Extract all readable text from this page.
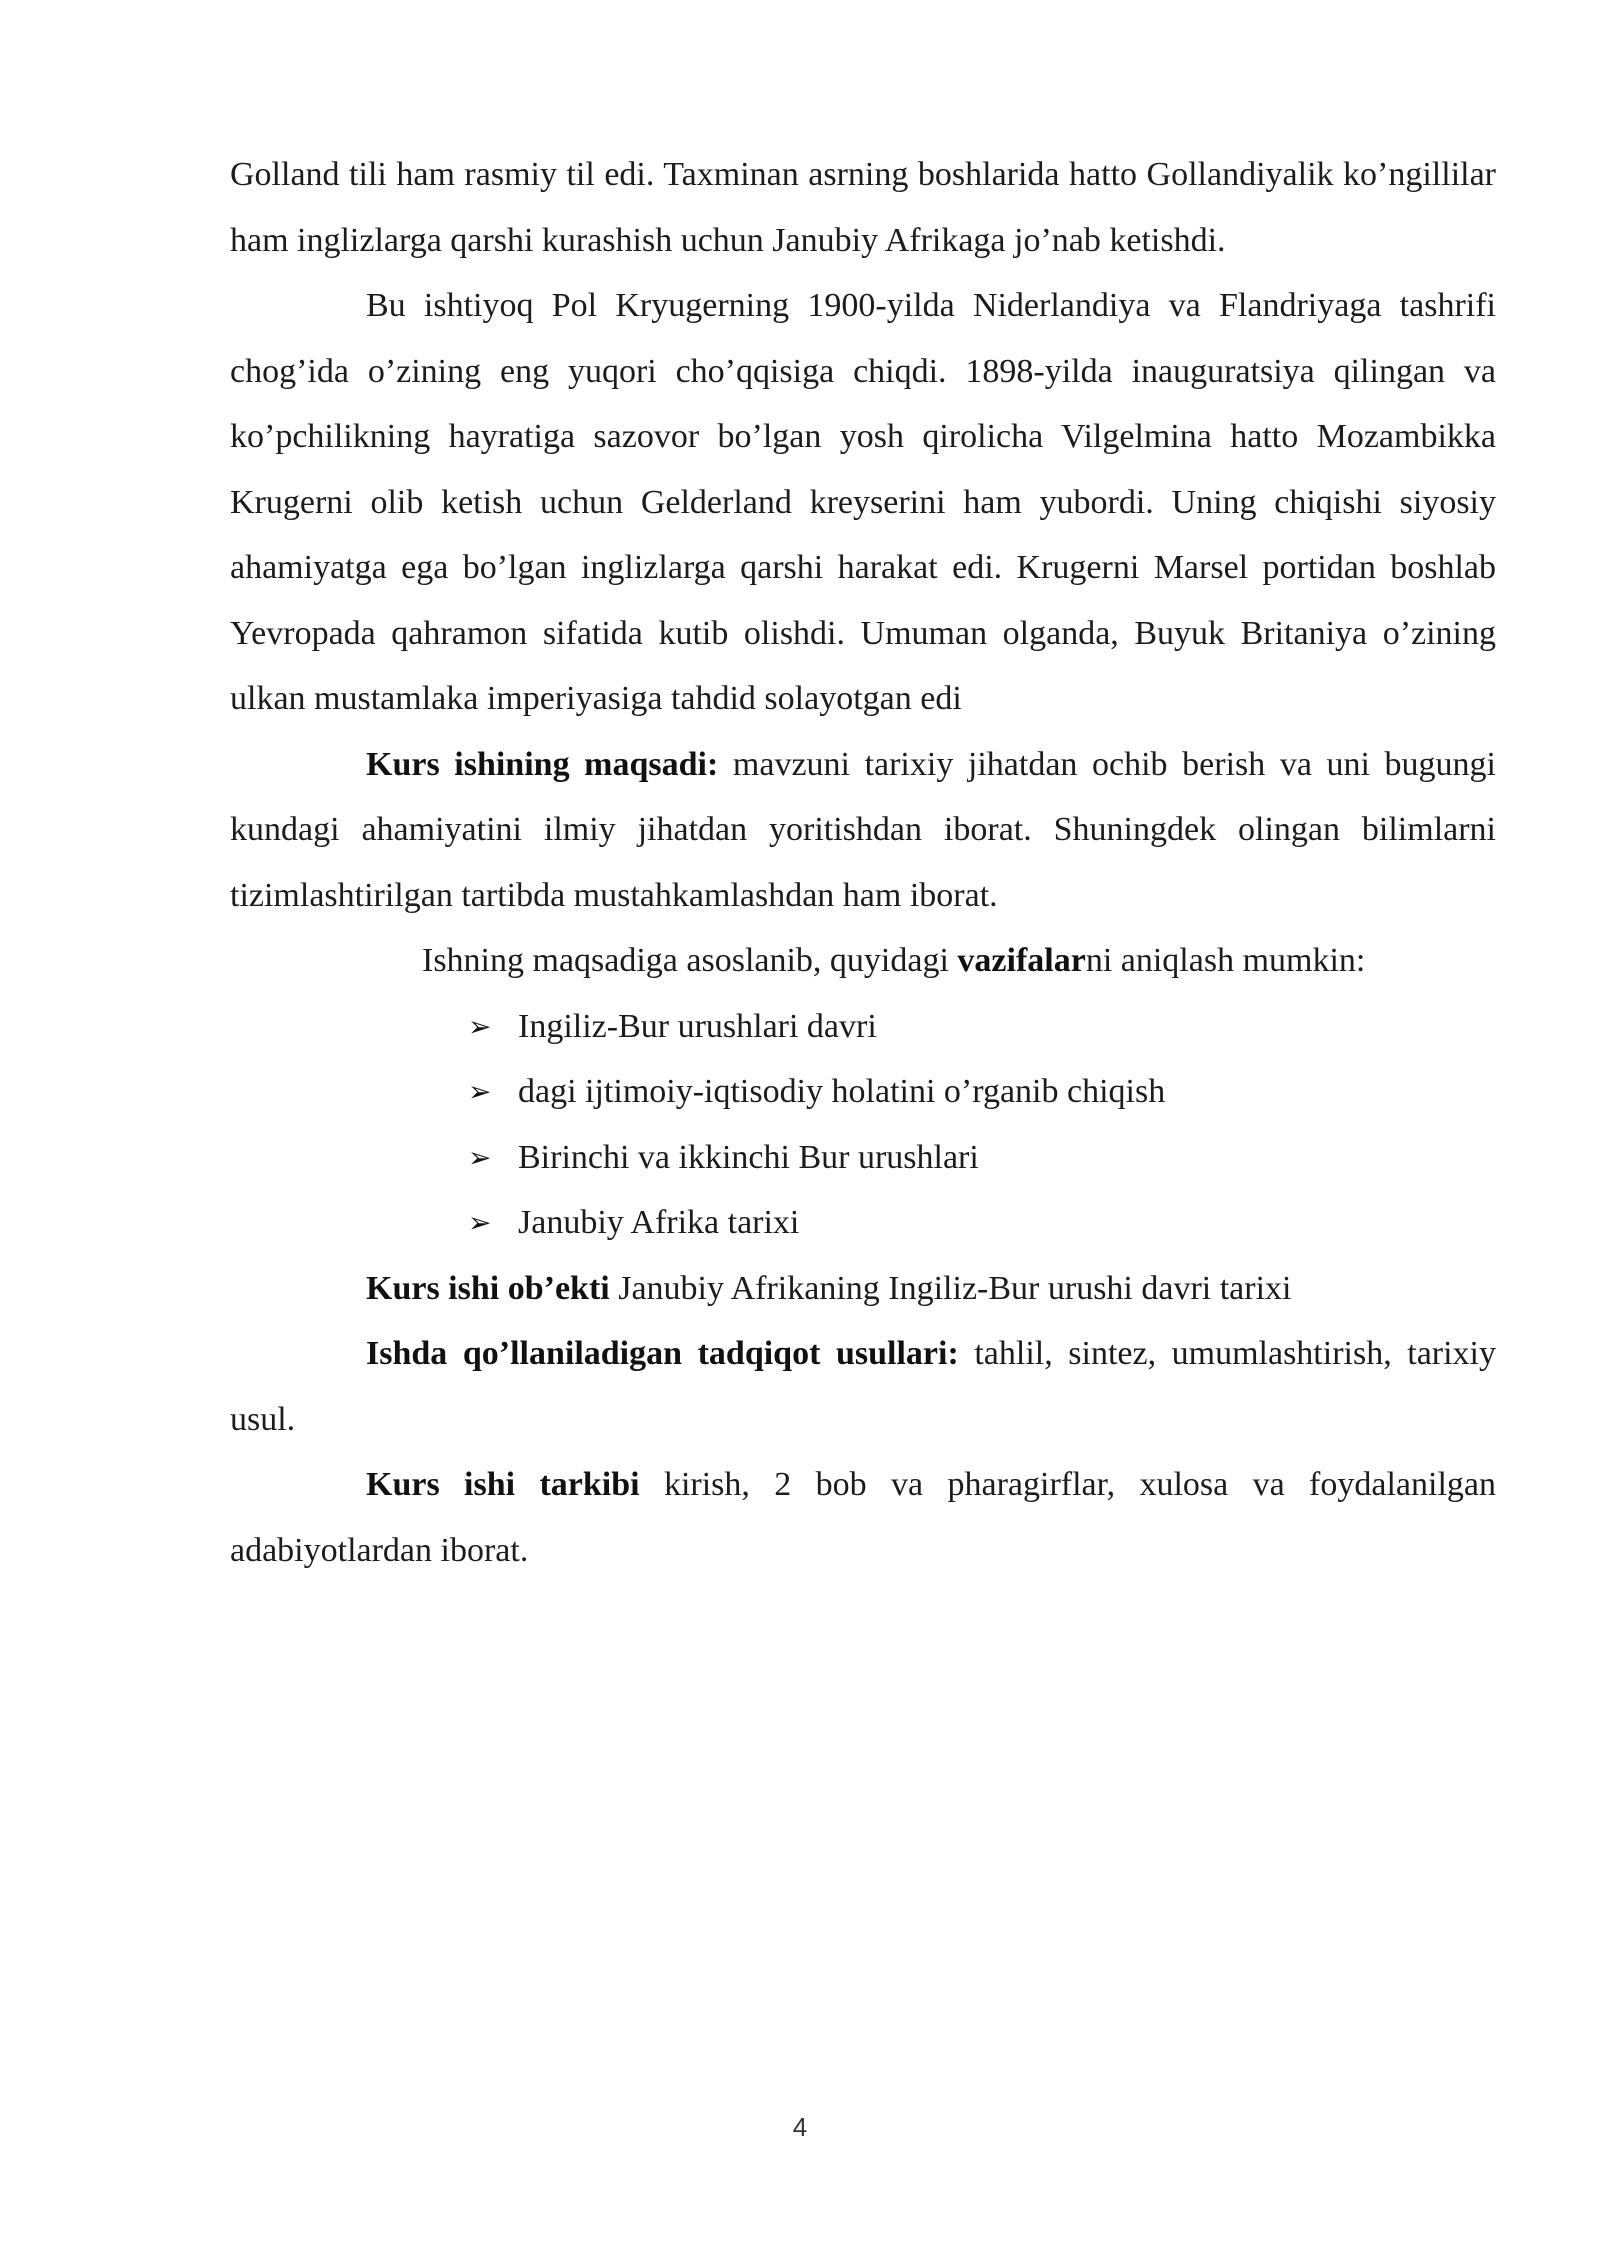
Golland tili ham rasmiy til edi. Taxminan asrning boshlarida hatto Gollandiyalik ko’ngillilar ham inglizlarga qarshi kurashish uchun Janubiy Afrikaga jo’nab ketishdi.

Bu ishtiyoq Pol Kryugerning 1900-yilda Niderlandiya va Flandriyaga tashrifi chog’ida o’zining eng yuqori cho’qqisiga chiqdi. 1898-yilda inauguratsiya qilingan va ko’pchilikning hayratiga sazovor bo’lgan yosh qirolicha Vilgelmina hatto Mozambikka Krugerni olib ketish uchun Gelderland kreyserini ham yubordi. Uning chiqishi siyosiy ahamiyatga ega bo’lgan inglizlarga qarshi harakat edi. Krugerni Marsel portidan boshlab Yevropada qahramon sifatida kutib olishdi. Umuman olganda, Buyuk Britaniya o’zining ulkan mustamlaka imperiyasiga tahdid solayotgan edi

Kurs ishining maqsadi: mavzuni tarixiy jihatdan ochib berish va uni bugungi kundagi ahamiyatini ilmiy jihatdan yoritishdan iborat. Shuningdek olingan bilimlarni tizimlashtirilgan tartibda mustahkamlashdan ham iborat.

Ishning maqsadiga asoslanib, quyidagi vazifalarni aniqlash mumkin:

➢ Ingiliz-Bur urushlari davri
➢ dagi ijtimoiy-iqtisodiy holatini o’rganib chiqish
➢ Birinchi va ikkinchi Bur urushlari
➢ Janubiy Afrika tarixi

Kurs ishi ob’ekti Janubiy Afrikaning Ingiliz-Bur urushi davri tarixi

Ishda qo’llaniladigan tadqiqot usullari: tahlil, sintez, umumlashtirish, tarixiy usul.

Kurs ishi tarkibi kirish, 2 bob va pharagirflar, xulosa va foydalanilgan adabiyotlardan iborat.

4
